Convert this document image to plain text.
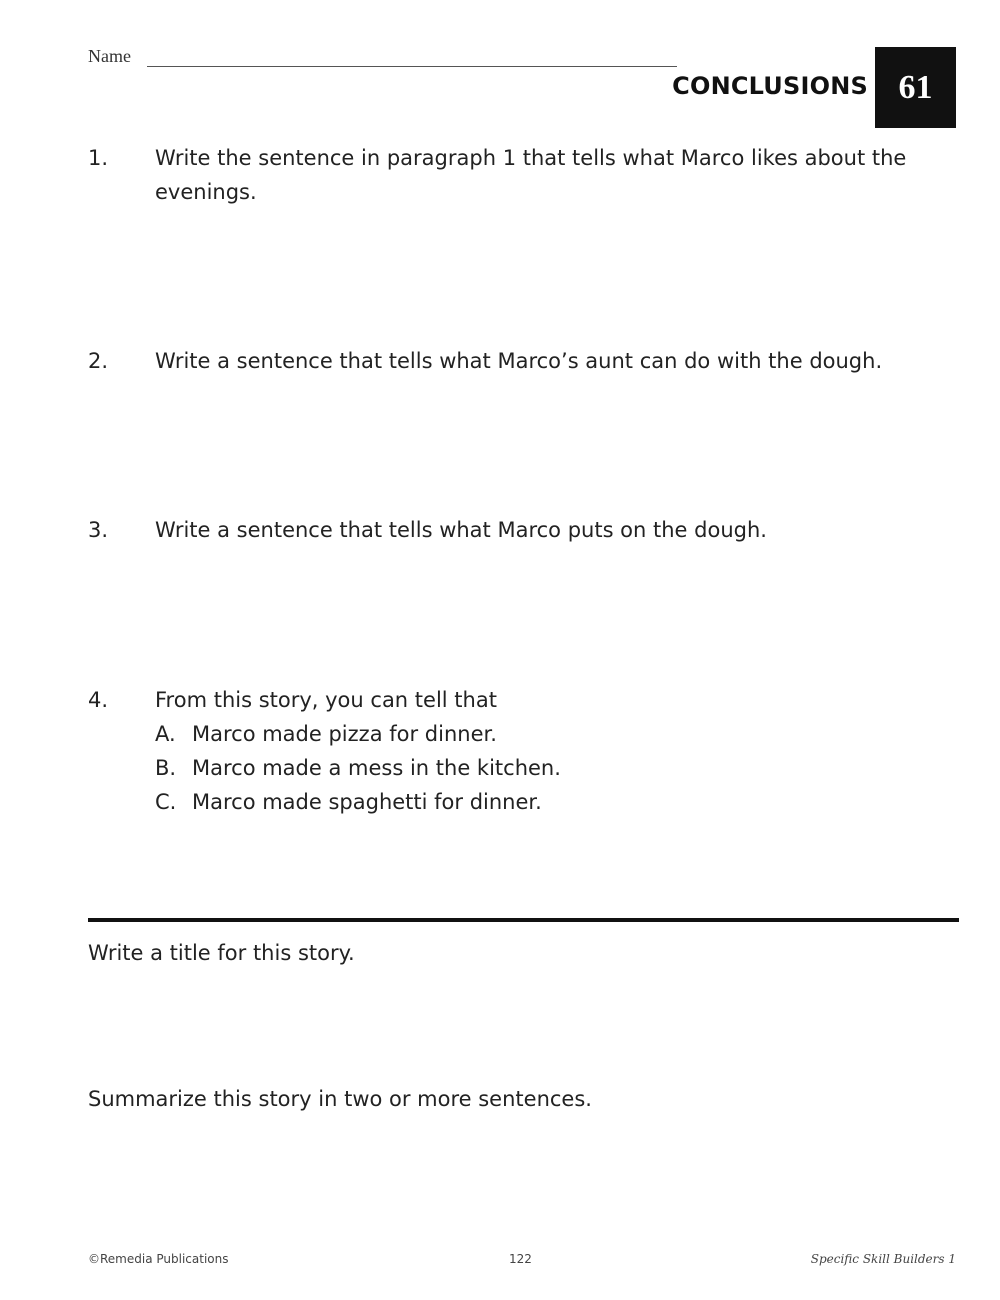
Name
CONCLUSIONS 61
1. Write the sentence in paragraph 1 that tells what Marco likes about the evenings.
2. Write a sentence that tells what Marco’s aunt can do with the dough.
3. Write a sentence that tells what Marco puts on the dough.
4. From this story, you can tell that
A. Marco made pizza for dinner.
B. Marco made a mess in the kitchen.
C. Marco made spaghetti for dinner.
Write a title for this story.
Summarize this story in two or more sentences.
©Remedia Publications	122	Specific Skill Builders 1
